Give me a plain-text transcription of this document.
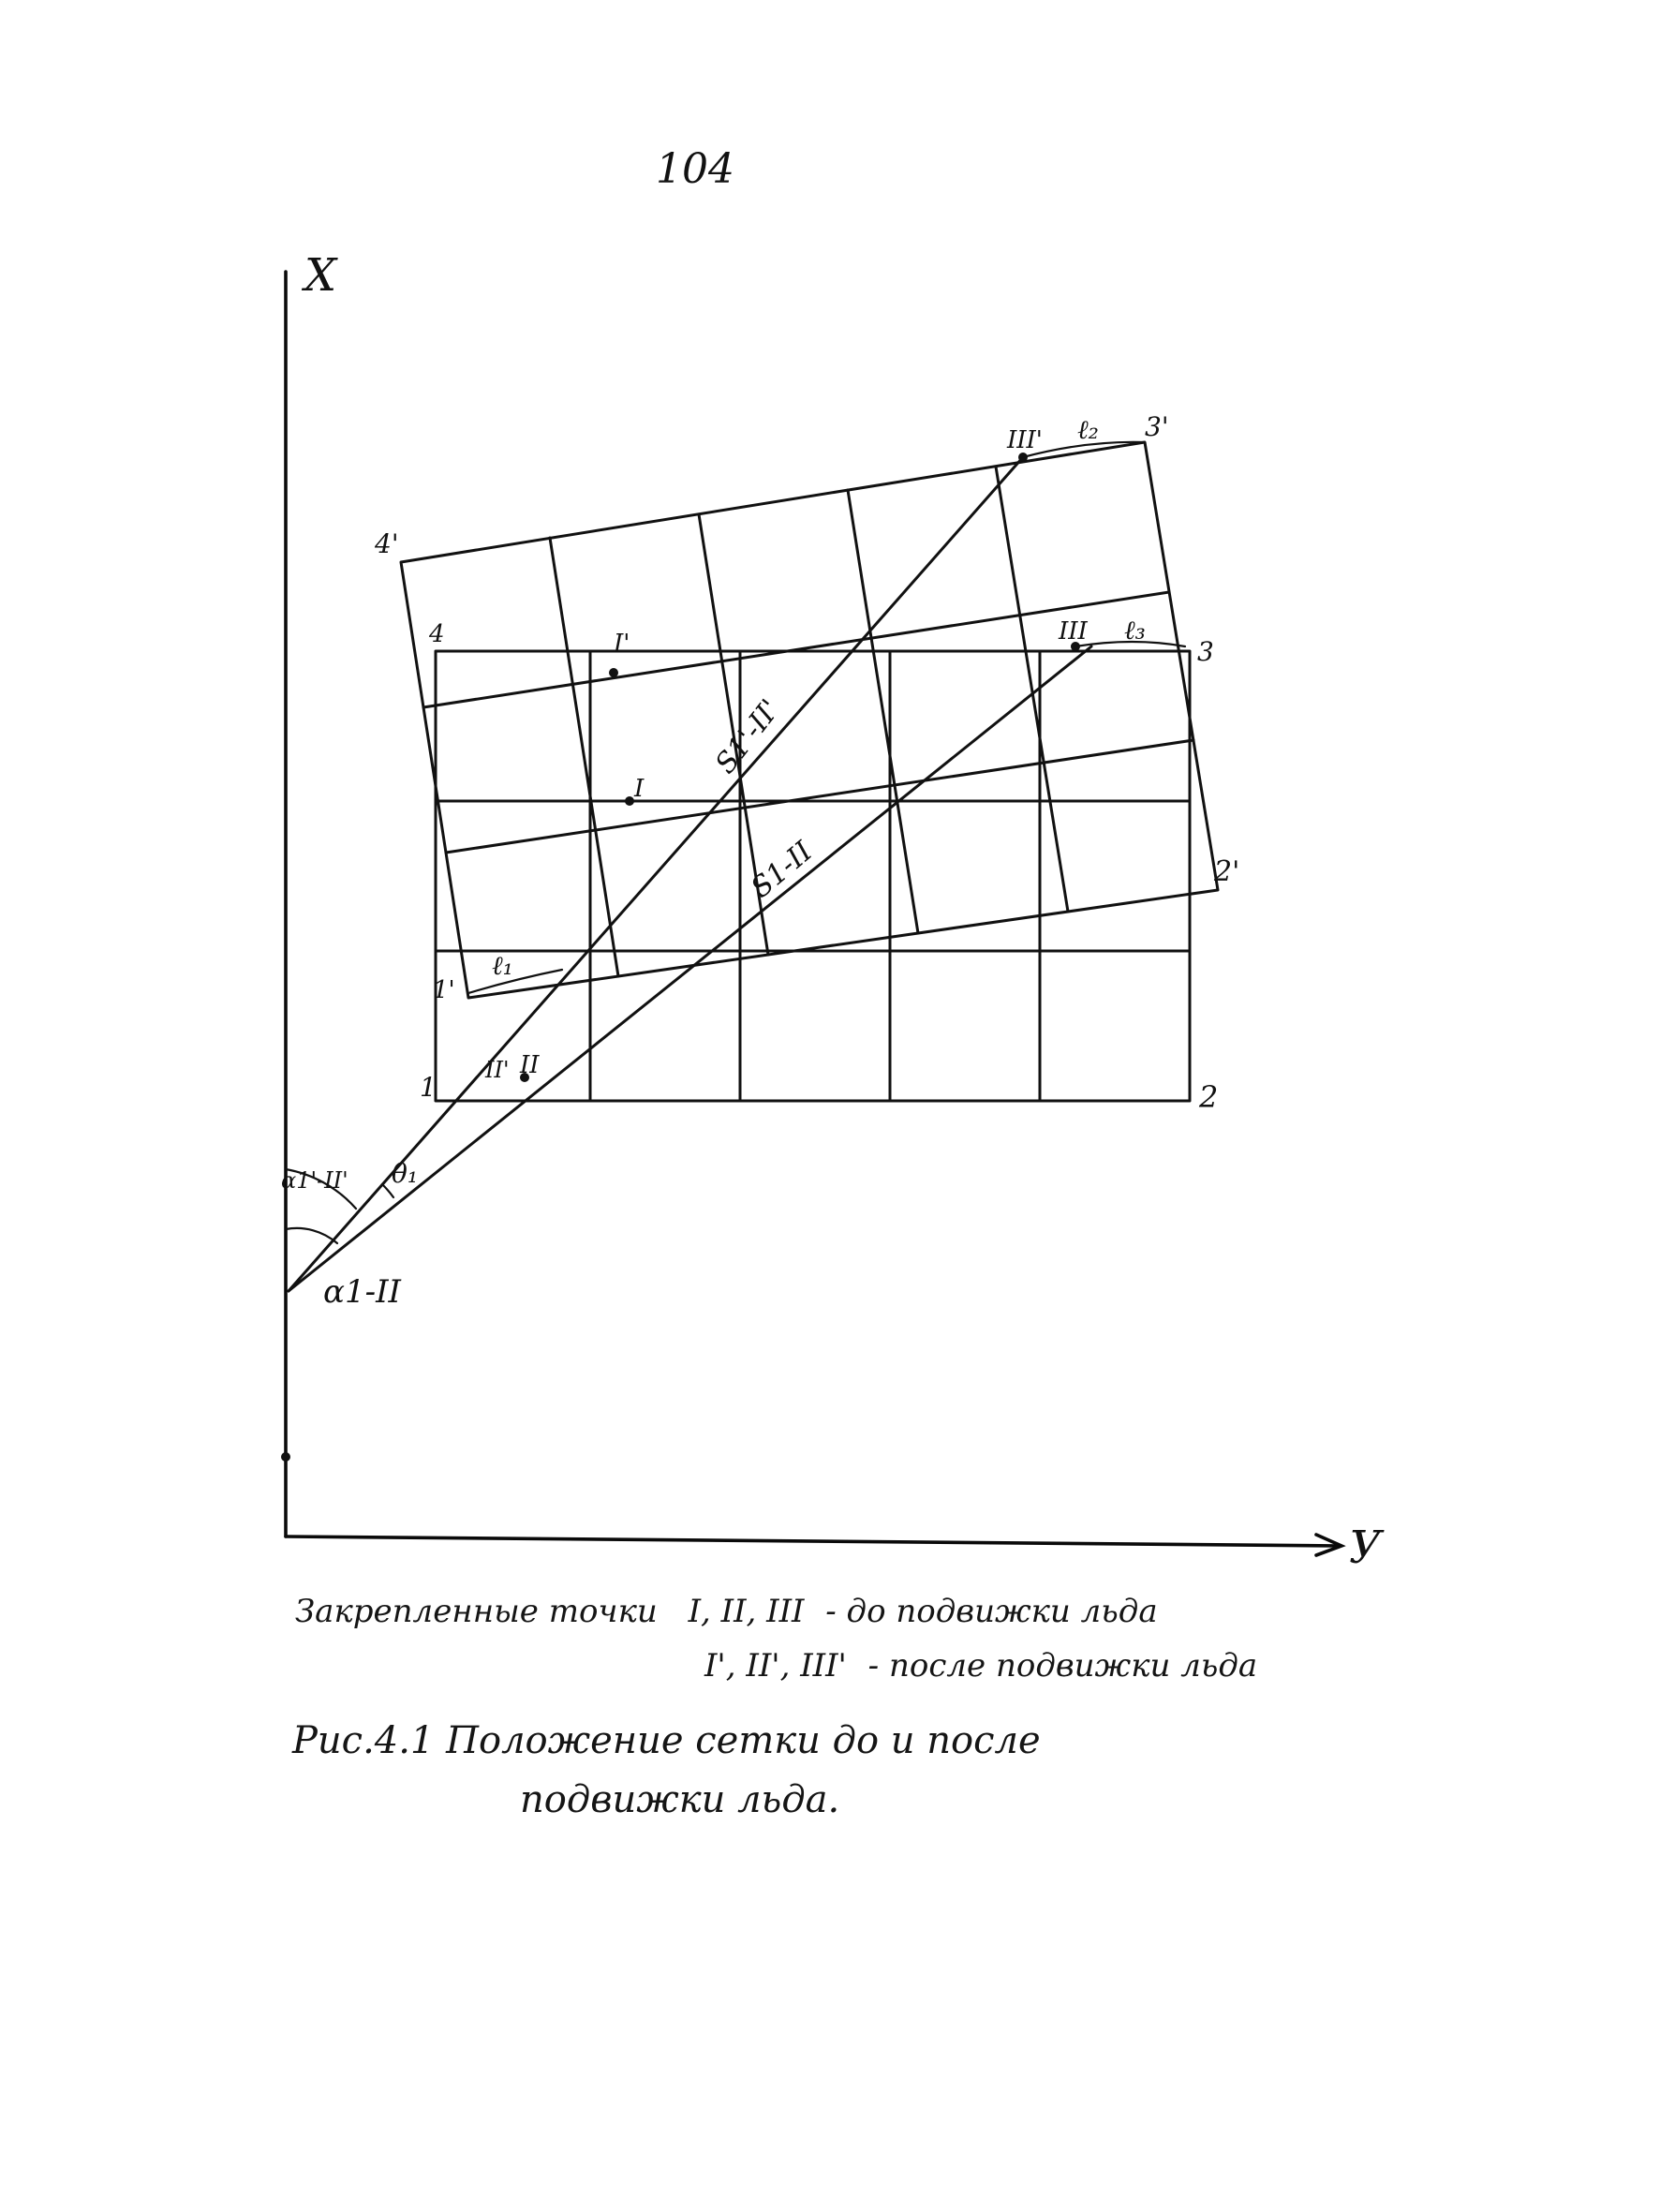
104
X
У
1	2
3
4
1'
2'
3'
4'
I
II
III
I'
II'
III' ℓ₂
ℓ₃
ℓ₁
S1-II
S1'-II'
θ₁
α1-II
α1'-II'
Закрепленные точки I, II, III - до подвижки льда
I', II', III' - после подвижки льда
Рис.4.1 Положение сетки до и после
подвижки льда.
